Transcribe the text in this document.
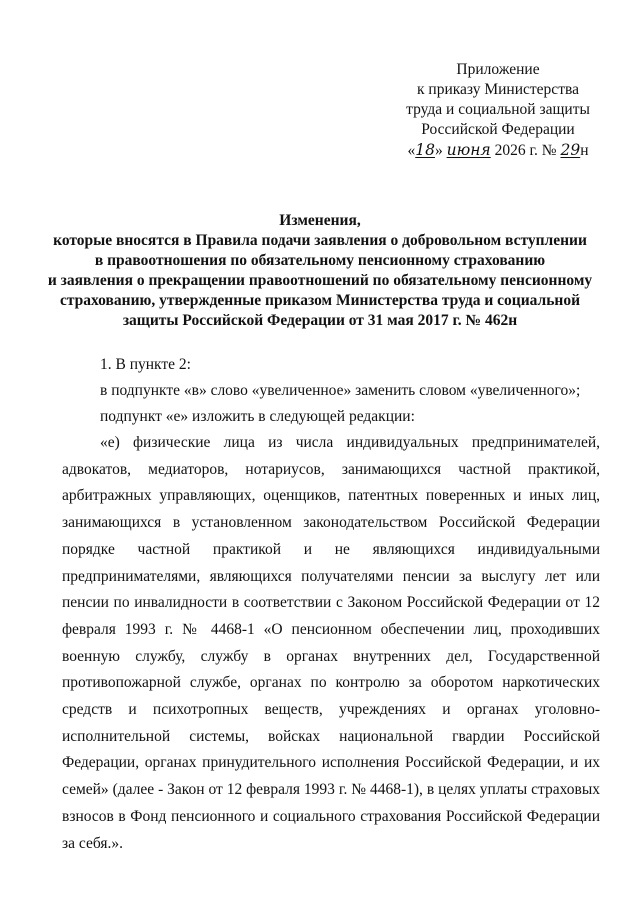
Приложение
к приказу Министерства
труда и социальной защиты
Российской Федерации
«18» июня 2026 г. № 29н
Изменения,
которые вносятся в Правила подачи заявления о добровольном вступлении
в правоотношения по обязательному пенсионному страхованию
и заявления о прекращении правоотношений по обязательному пенсионному
страхованию, утвержденные приказом Министерства труда и социальной
защиты Российской Федерации от 31 мая 2017 г. № 462н

1. В пункте 2:

в подпункте «в» слово «увеличенное» заменить словом «увеличенного»;

подпункт «е» изложить в следующей редакции:

«е) физические лица из числа индивидуальных предпринимателей, адвокатов, медиаторов, нотариусов, занимающихся частной практикой, арбитражных управляющих, оценщиков, патентных поверенных и иных лиц, занимающихся в установленном законодательством Российской Федерации порядке частной практикой и не являющихся индивидуальными предпринимателями, являющихся получателями пенсии за выслугу лет или пенсии по инвалидности в соответствии с Законом Российской Федерации от 12 февраля 1993 г. № 4468-1 «О пенсионном обеспечении лиц, проходивших военную службу, службу в органах внутренних дел, Государственной противопожарной службе, органах по контролю за оборотом наркотических средств и психотропных веществ, учреждениях и органах уголовно-исполнительной системы, войсках национальной гвардии Российской Федерации, органах принудительного исполнения Российской Федерации, и их семей» (далее - Закон от 12 февраля 1993 г. № 4468-1), в целях уплаты страховых взносов в Фонд пенсионного и социального страхования Российской Федерации за себя.».
